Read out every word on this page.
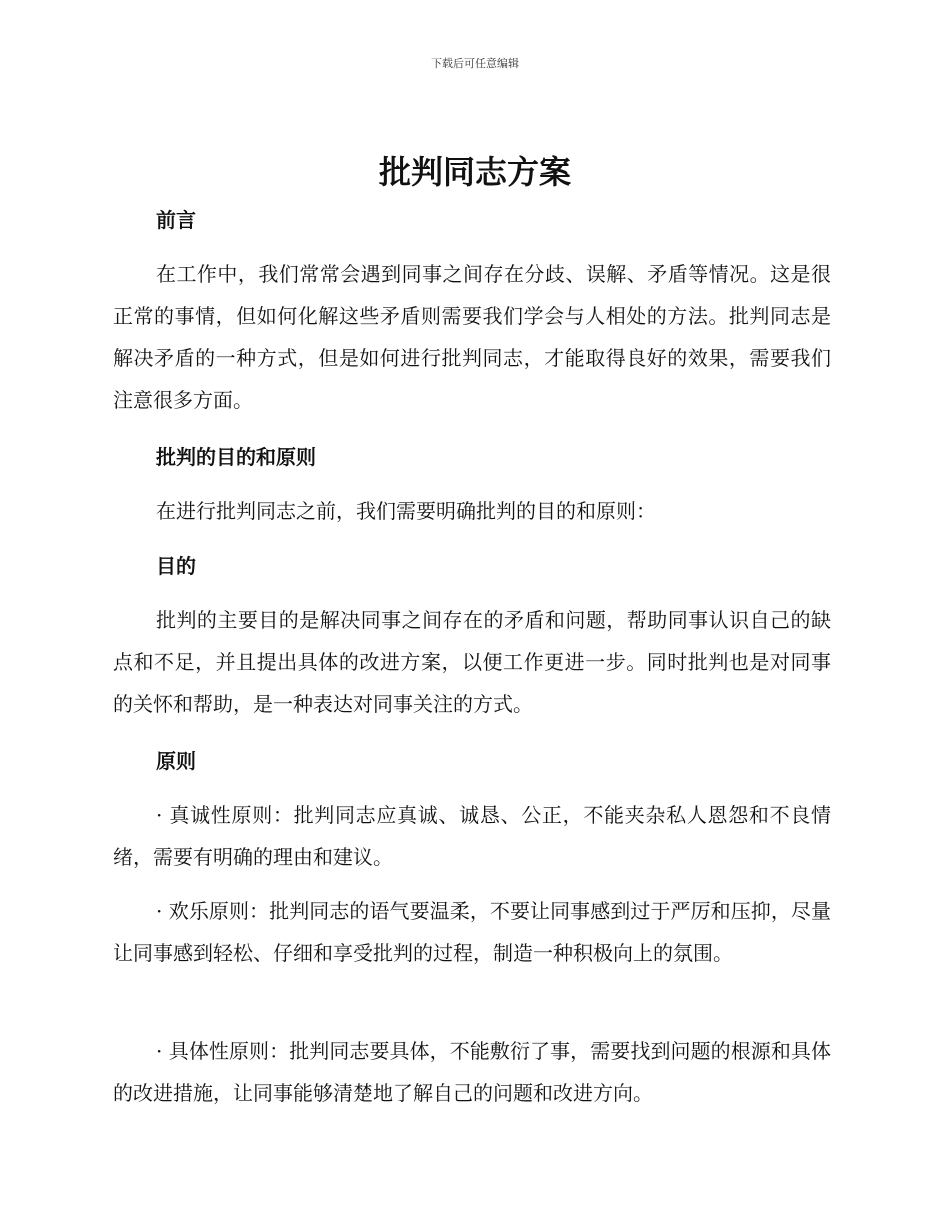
下载后可任意编辑
批判同志方案
前言

在工作中，我们常常会遇到同事之间存在分歧、误解、矛盾等情况。这是很正常的事情，但如何化解这些矛盾则需要我们学会与人相处的方法。批判同志是解决矛盾的一种方式，但是如何进行批判同志，才能取得良好的效果，需要我们注意很多方面。

批判的目的和原则

在进行批判同志之前，我们需要明确批判的目的和原则：

目的

批判的主要目的是解决同事之间存在的矛盾和问题，帮助同事认识自己的缺点和不足，并且提出具体的改进方案，以便工作更进一步。同时批判也是对同事的关怀和帮助，是一种表达对同事关注的方式。

原则

· 真诚性原则：批判同志应真诚、诚恳、公正，不能夹杂私人恩怨和不良情绪，需要有明确的理由和建议。

· 欢乐原则：批判同志的语气要温柔，不要让同事感到过于严厉和压抑，尽量让同事感到轻松、仔细和享受批判的过程，制造一种积极向上的氛围。

· 具体性原则：批判同志要具体，不能敷衍了事，需要找到问题的根源和具体的改进措施，让同事能够清楚地了解自己的问题和改进方向。
